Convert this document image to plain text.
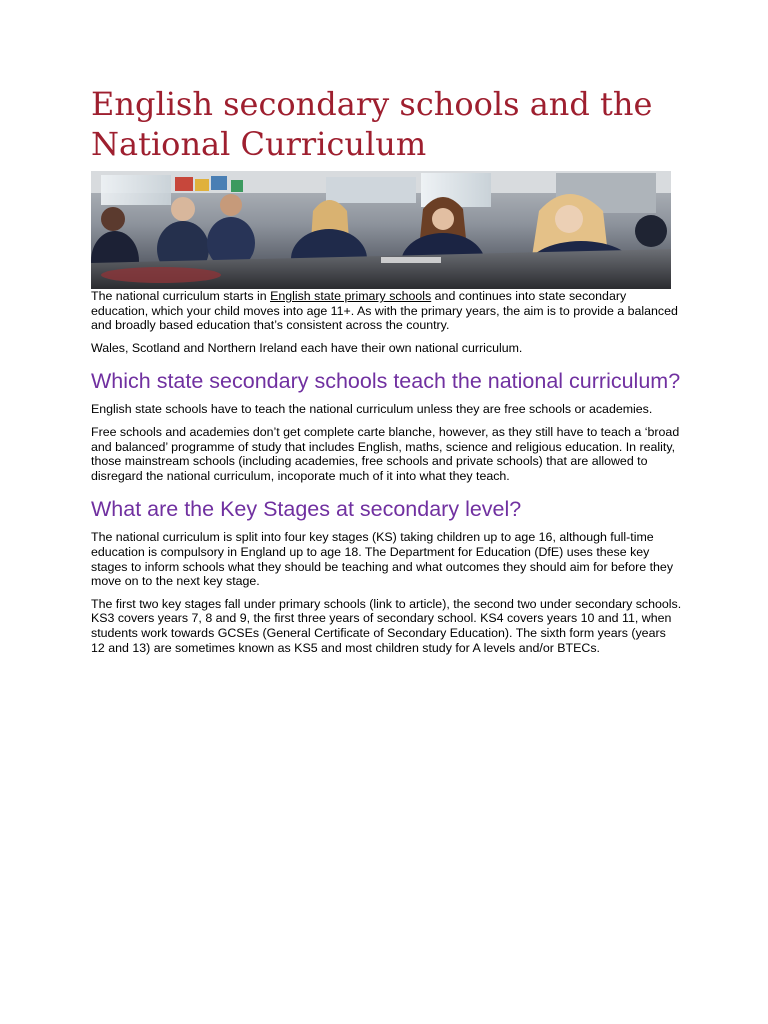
English secondary schools and the National Curriculum

The national curriculum starts in English state primary schools and continues into state secondary education, which your child moves into age 11+. As with the primary years, the aim is to provide a balanced and broadly based education that’s consistent across the country.

Wales, Scotland and Northern Ireland each have their own national curriculum.

Which state secondary schools teach the national curriculum?

English state schools have to teach the national curriculum unless they are free schools or academies.

Free schools and academies don’t get complete carte blanche, however, as they still have to teach a ‘broad and balanced’ programme of study that includes English, maths, science and religious education. In reality, those mainstream schools (including academies, free schools and private schools) that are allowed to disregard the national curriculum, incoporate much of it into what they teach.

What are the Key Stages at secondary level?

The national curriculum is split into four key stages (KS) taking children up to age 16, although full-time education is compulsory in England up to age 18. The Department for Education (DfE) uses these key stages to inform schools what they should be teaching and what outcomes they should aim for before they move on to the next key stage.

The first two key stages fall under primary schools (link to article), the second two under secondary schools. KS3 covers years 7, 8 and 9, the first three years of secondary school. KS4 covers years 10 and 11, when students work towards GCSEs (General Certificate of Secondary Education). The sixth form years (years 12 and 13) are sometimes known as KS5 and most children study for A levels and/or BTECs.
